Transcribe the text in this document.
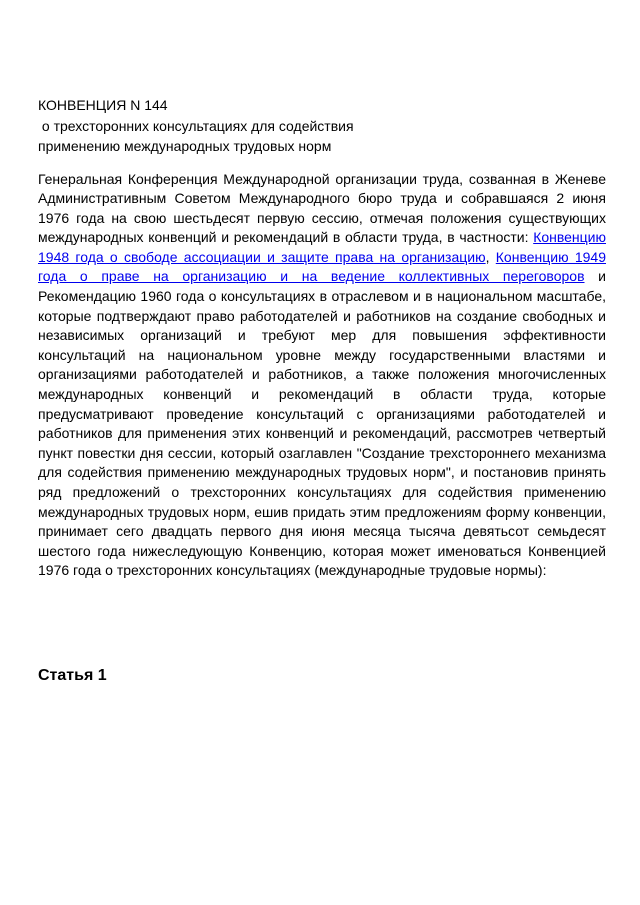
КОНВЕНЦИЯ N 144
о трехсторонних консультациях для содействия
применению международных трудовых норм

Генеральная Конференция Международной организации труда, созванная в Женеве Административным Советом Международного бюро труда и собравшаяся 2 июня 1976 года на свою шестьдесят первую сессию, отмечая положения существующих международных конвенций и рекомендаций в области труда, в частности: Конвенцию 1948 года о свободе ассоциации и защите права на организацию, Конвенцию 1949 года о праве на организацию и на ведение коллективных переговоров и Рекомендацию 1960 года о консультациях в отраслевом и в национальном масштабе, которые подтверждают право работодателей и работников на создание свободных и независимых организаций и требуют мер для повышения эффективности консультаций на национальном уровне между государственными властями и организациями работодателей и работников, а также положения многочисленных международных конвенций и рекомендаций в области труда, которые предусматривают проведение консультаций с организациями работодателей и работников для применения этих конвенций и рекомендаций, рассмотрев четвертый пункт повестки дня сессии, который озаглавлен "Создание трехстороннего механизма для содействия применению международных трудовых норм", и постановив принять ряд предложений о трехсторонних консультациях для содействия применению международных трудовых норм, ешив придать этим предложениям форму конвенции, принимает сего двадцать первого дня июня месяца тысяча девятьсот семьдесят шестого года нижеследующую Конвенцию, которая может именоваться Конвенцией 1976 года о трехсторонних консультациях (международные трудовые нормы):

Статья 1
